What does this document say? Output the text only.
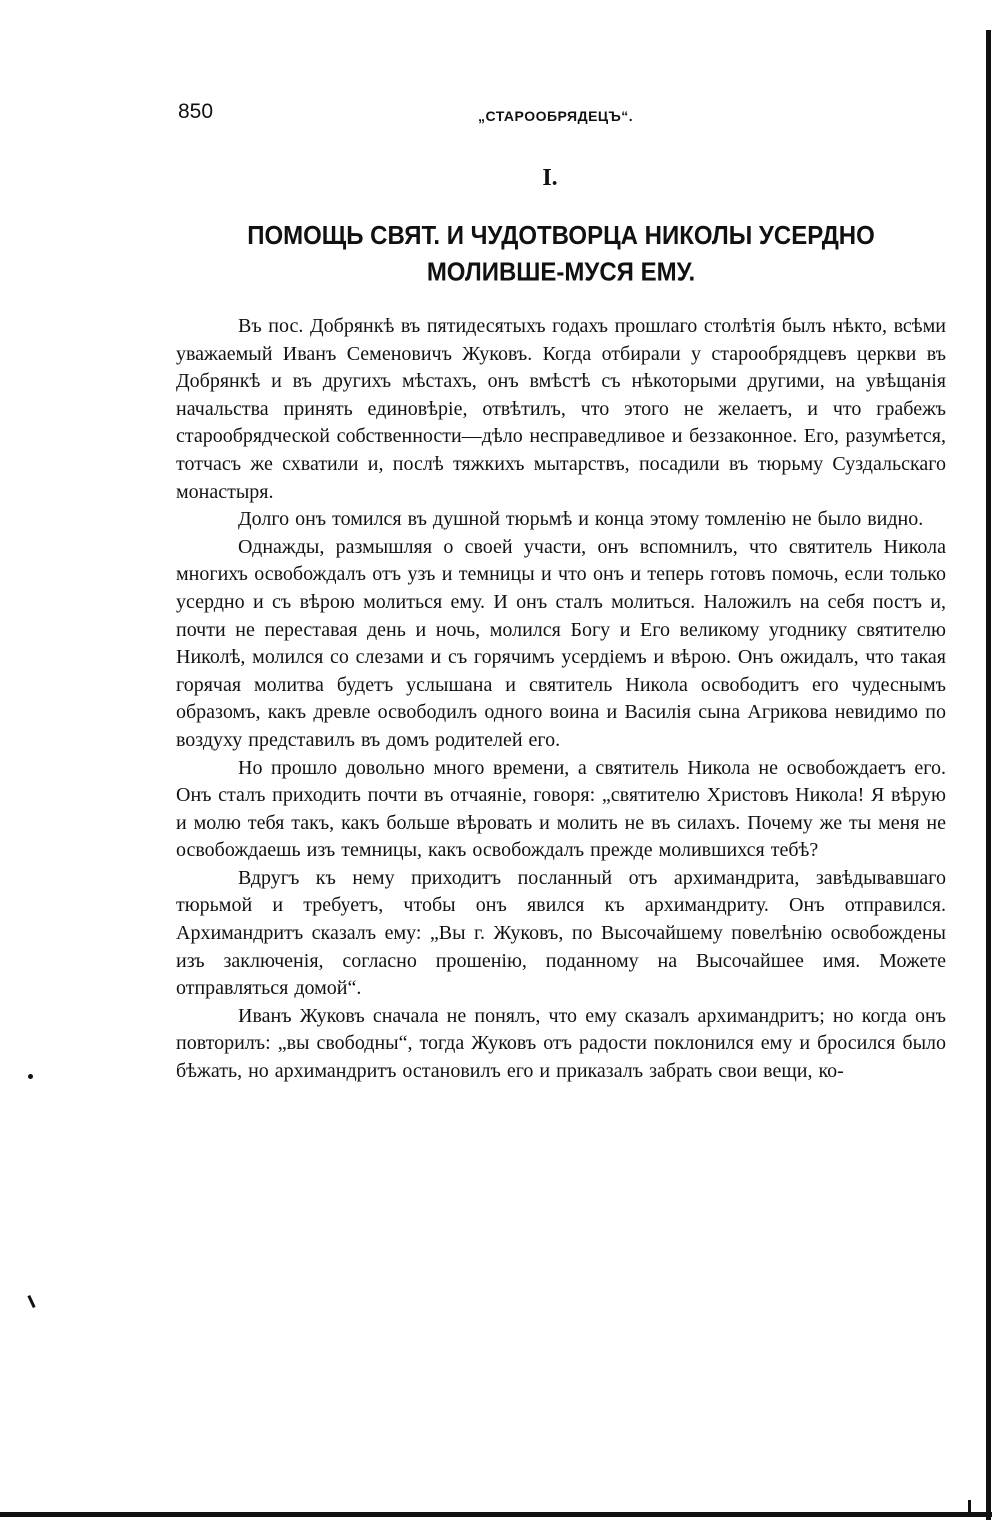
850	„СТАРООБРЯДЕЦЪ“.
I.
ПОМОЩЬ СВЯТ. И ЧУДОТВОРЦА НИКОЛЫ УСЕРДНО МОЛИВШЕ-МУСЯ ЕМУ.

Въ пос. Добрянкѣ въ пятидесятыхъ годахъ прошлаго столѣтія былъ нѣкто, всѣми уважаемый Иванъ Семеновичъ Жуковъ. Когда отбирали у старообрядцевъ церкви въ Добрянкѣ и въ другихъ мѣстахъ, онъ вмѣстѣ съ нѣкоторыми другими, на увѣщанія начальства принять единовѣріе, отвѣтилъ, что этого не желаетъ, и что грабежъ старообрядческой собственности—дѣло несправедливое и беззаконное. Его, разумѣется, тотчасъ же схватили и, послѣ тяжкихъ мытарствъ, посадили въ тюрьму Суздальскаго монастыря.

Долго онъ томился въ душной тюрьмѣ и конца этому томленію не было видно.

Однажды, размышляя о своей участи, онъ вспомнилъ, что святитель Никола многихъ освобождалъ отъ узъ и темницы и что онъ и теперь готовъ помочь, если только усердно и съ вѣрою молиться ему. И онъ сталъ молиться. Наложилъ на себя постъ и, почти не переставая день и ночь, молился Богу и Его великому угоднику святителю Николѣ, молился со слезами и съ горячимъ усердіемъ и вѣрою. Онъ ожидалъ, что такая горячая молитва будетъ услышана и святитель Никола освободитъ его чудеснымъ образомъ, какъ древле освободилъ одного воина и Василія сына Агрикова невидимо по воздуху представилъ въ домъ родителей его.

Но прошло довольно много времени, а святитель Никола не освобождаетъ его. Онъ сталъ приходить почти въ отчаяніе, говоря: „святителю Христовъ Никола! Я вѣрую и молю тебя такъ, какъ больше вѣровать и молить не въ силахъ. Почему же ты меня не освобождаешь изъ темницы, какъ освобождалъ прежде молившихся тебѣ?

Вдругъ къ нему приходитъ посланный отъ архимандрита, завѣдывавшаго тюрьмой и требуетъ, чтобы онъ явился къ архимандриту. Онъ отправился. Архимандритъ сказалъ ему: „Вы г. Жуковъ, по Высочайшему повелѣнію освобождены изъ заключенія, согласно прошенію, поданному на Высочайшее имя. Можете отправляться домой“.

Иванъ Жуковъ сначала не понялъ, что ему сказалъ архимандритъ; но когда онъ повторилъ: „вы свободны“, тогда Жуковъ отъ радости поклонился ему и бросился было бѣжать, но архимандритъ остановилъ его и приказалъ забрать свои вещи, ко-
